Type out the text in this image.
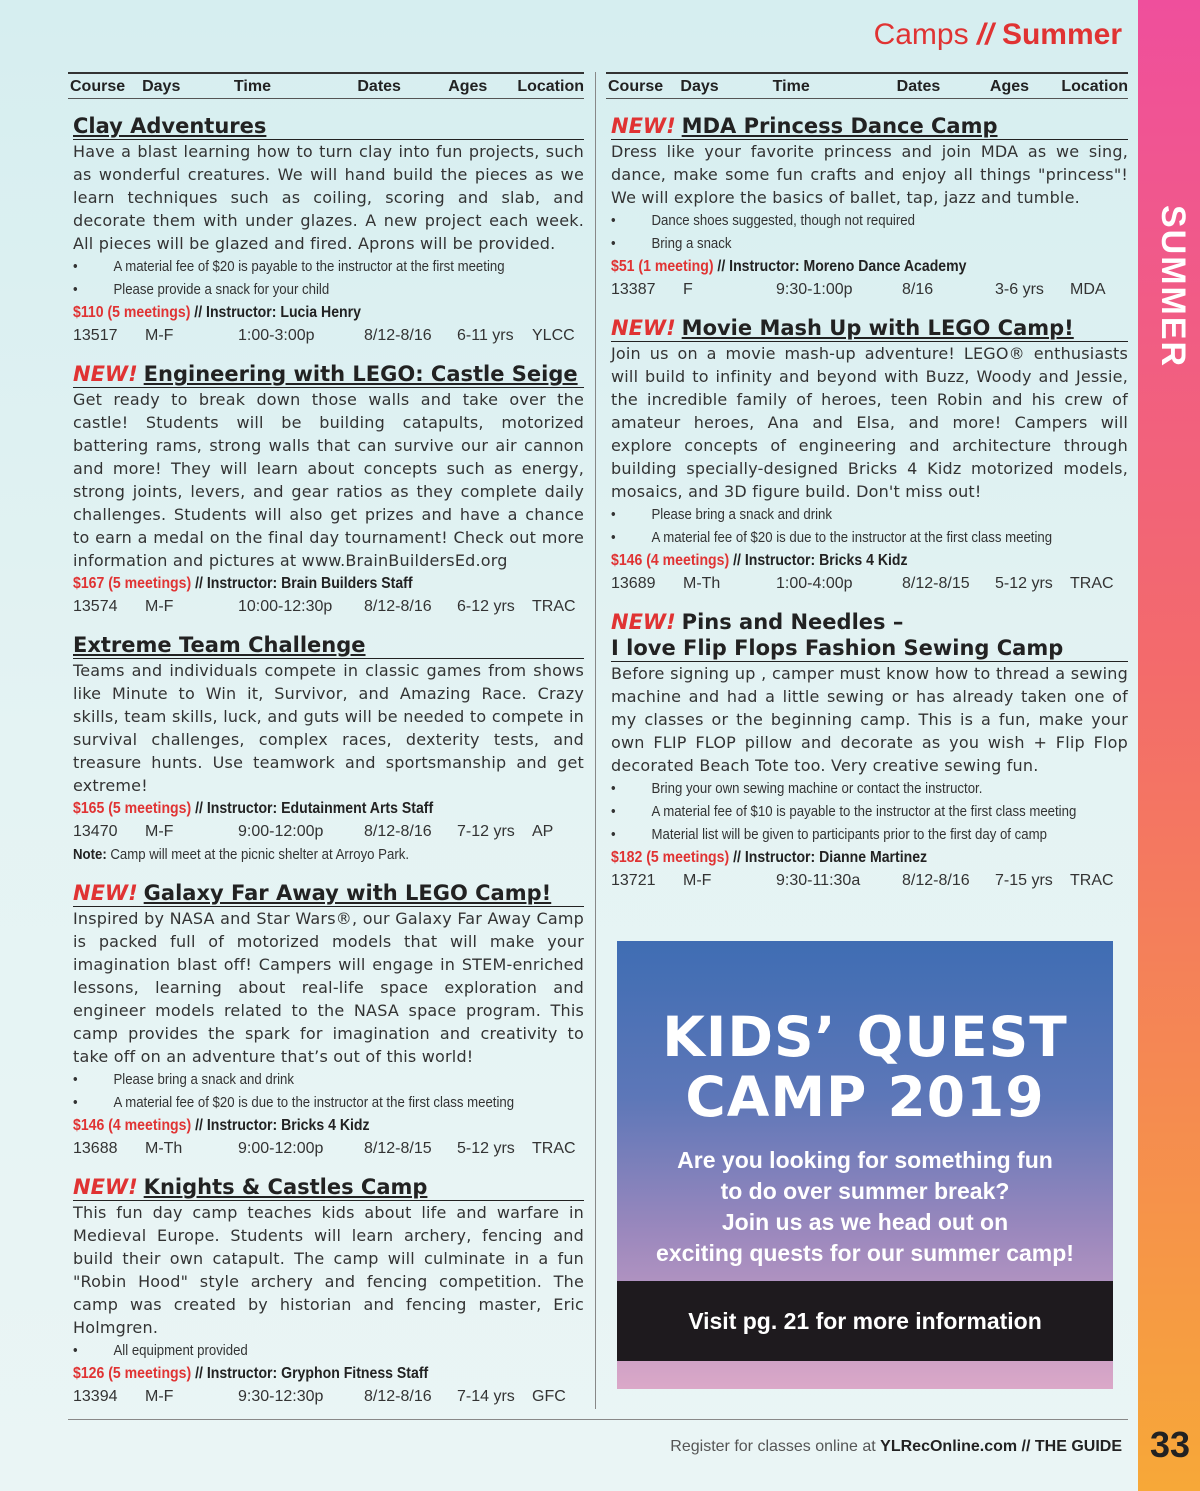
SUMMER
Camps // Summer
Course	Days	Time	Dates	Ages	Location
Clay Adventures
Have a blast learning how to turn clay into fun projects, such as wonderful creatures. We will hand build the pieces as we learn techniques such as coiling, scoring and slab, and decorate them with under glazes. A new project each week. All pieces will be glazed and fired. Aprons will be provided.
• A material fee of $20 is payable to the instructor at the first meeting
• Please provide a snack for your child
$110 (5 meetings) // Instructor: Lucia Henry
13517	M-F	1:00-3:00p	8/12-8/16	6-11 yrs	YLCC
NEW! Engineering with LEGO: Castle Seige
Get ready to break down those walls and take over the castle! Students will be building catapults, motorized battering rams, strong walls that can survive our air cannon and more! They will learn about concepts such as energy, strong joints, levers, and gear ratios as they complete daily challenges. Students will also get prizes and have a chance to earn a medal on the final day tournament! Check out more information and pictures at www.BrainBuildersEd.org
$167 (5 meetings) // Instructor: Brain Builders Staff
13574	M-F	10:00-12:30p	8/12-8/16	6-12 yrs	TRAC
Extreme Team Challenge
Teams and individuals compete in classic games from shows like Minute to Win it, Survivor, and Amazing Race. Crazy skills, team skills, luck, and guts will be needed to compete in survival challenges, complex races, dexterity tests, and treasure hunts. Use teamwork and sportsmanship and get extreme!
$165 (5 meetings) // Instructor: Edutainment Arts Staff
13470	M-F	9:00-12:00p	8/12-8/16	7-12 yrs	AP
Note: Camp will meet at the picnic shelter at Arroyo Park.
NEW! Galaxy Far Away with LEGO Camp!
Inspired by NASA and Star Wars®, our Galaxy Far Away Camp is packed full of motorized models that will make your imagination blast off! Campers will engage in STEM-enriched lessons, learning about real-life space exploration and engineer models related to the NASA space program. This camp provides the spark for imagination and creativity to take off on an adventure that’s out of this world!
• Please bring a snack and drink
• A material fee of $20 is due to the instructor at the first class meeting
$146 (4 meetings) // Instructor: Bricks 4 Kidz
13688	M-Th	9:00-12:00p	8/12-8/15	5-12 yrs	TRAC
NEW! Knights & Castles Camp
This fun day camp teaches kids about life and warfare in Medieval Europe. Students will learn archery, fencing and build their own catapult. The camp will culminate in a fun "Robin Hood" style archery and fencing competition. The camp was created by historian and fencing master, Eric Holmgren.
• All equipment provided
$126 (5 meetings) // Instructor: Gryphon Fitness Staff
13394	M-F	9:30-12:30p	8/12-8/16	7-14 yrs	GFC
Course	Days	Time	Dates	Ages	Location
NEW! MDA Princess Dance Camp
Dress like your favorite princess and join MDA as we sing, dance, make some fun crafts and enjoy all things "princess"! We will explore the basics of ballet, tap, jazz and tumble.
• Dance shoes suggested, though not required
• Bring a snack
$51 (1 meeting) // Instructor: Moreno Dance Academy
13387	F	9:30-1:00p	8/16	3-6 yrs	MDA
NEW! Movie Mash Up with LEGO Camp!
Join us on a movie mash-up adventure! LEGO® enthusiasts will build to infinity and beyond with Buzz, Woody and Jessie, the incredible family of heroes, teen Robin and his crew of amateur heroes, Ana and Elsa, and more! Campers will explore concepts of engineering and architecture through building specially-designed Bricks 4 Kidz motorized models, mosaics, and 3D figure build. Don't miss out!
• Please bring a snack and drink
• A material fee of $20 is due to the instructor at the first class meeting
$146 (4 meetings) // Instructor: Bricks 4 Kidz
13689	M-Th	1:00-4:00p	8/12-8/15	5-12 yrs	TRAC
NEW! Pins and Needles –
I love Flip Flops Fashion Sewing Camp
Before signing up , camper must know how to thread a sewing machine and had a little sewing or has already taken one of my classes or the beginning camp. This is a fun, make your own FLIP FLOP pillow and decorate as you wish + Flip Flop decorated Beach Tote too. Very creative sewing fun.
• Bring your own sewing machine or contact the instructor.
• A material fee of $10 is payable to the instructor at the first class meeting
• Material list will be given to participants prior to the first day of camp
$182 (5 meetings) // Instructor: Dianne Martinez
13721	M-F	9:30-11:30a	8/12-8/16	7-15 yrs	TRAC
KIDS’ QUEST
CAMP 2019
Are you looking for something fun
to do over summer break?
Join us as we head out on
exciting quests for our summer camp!
Visit pg. 21 for more information
Register for classes online at YLRecOnline.com // THE GUIDE 33
